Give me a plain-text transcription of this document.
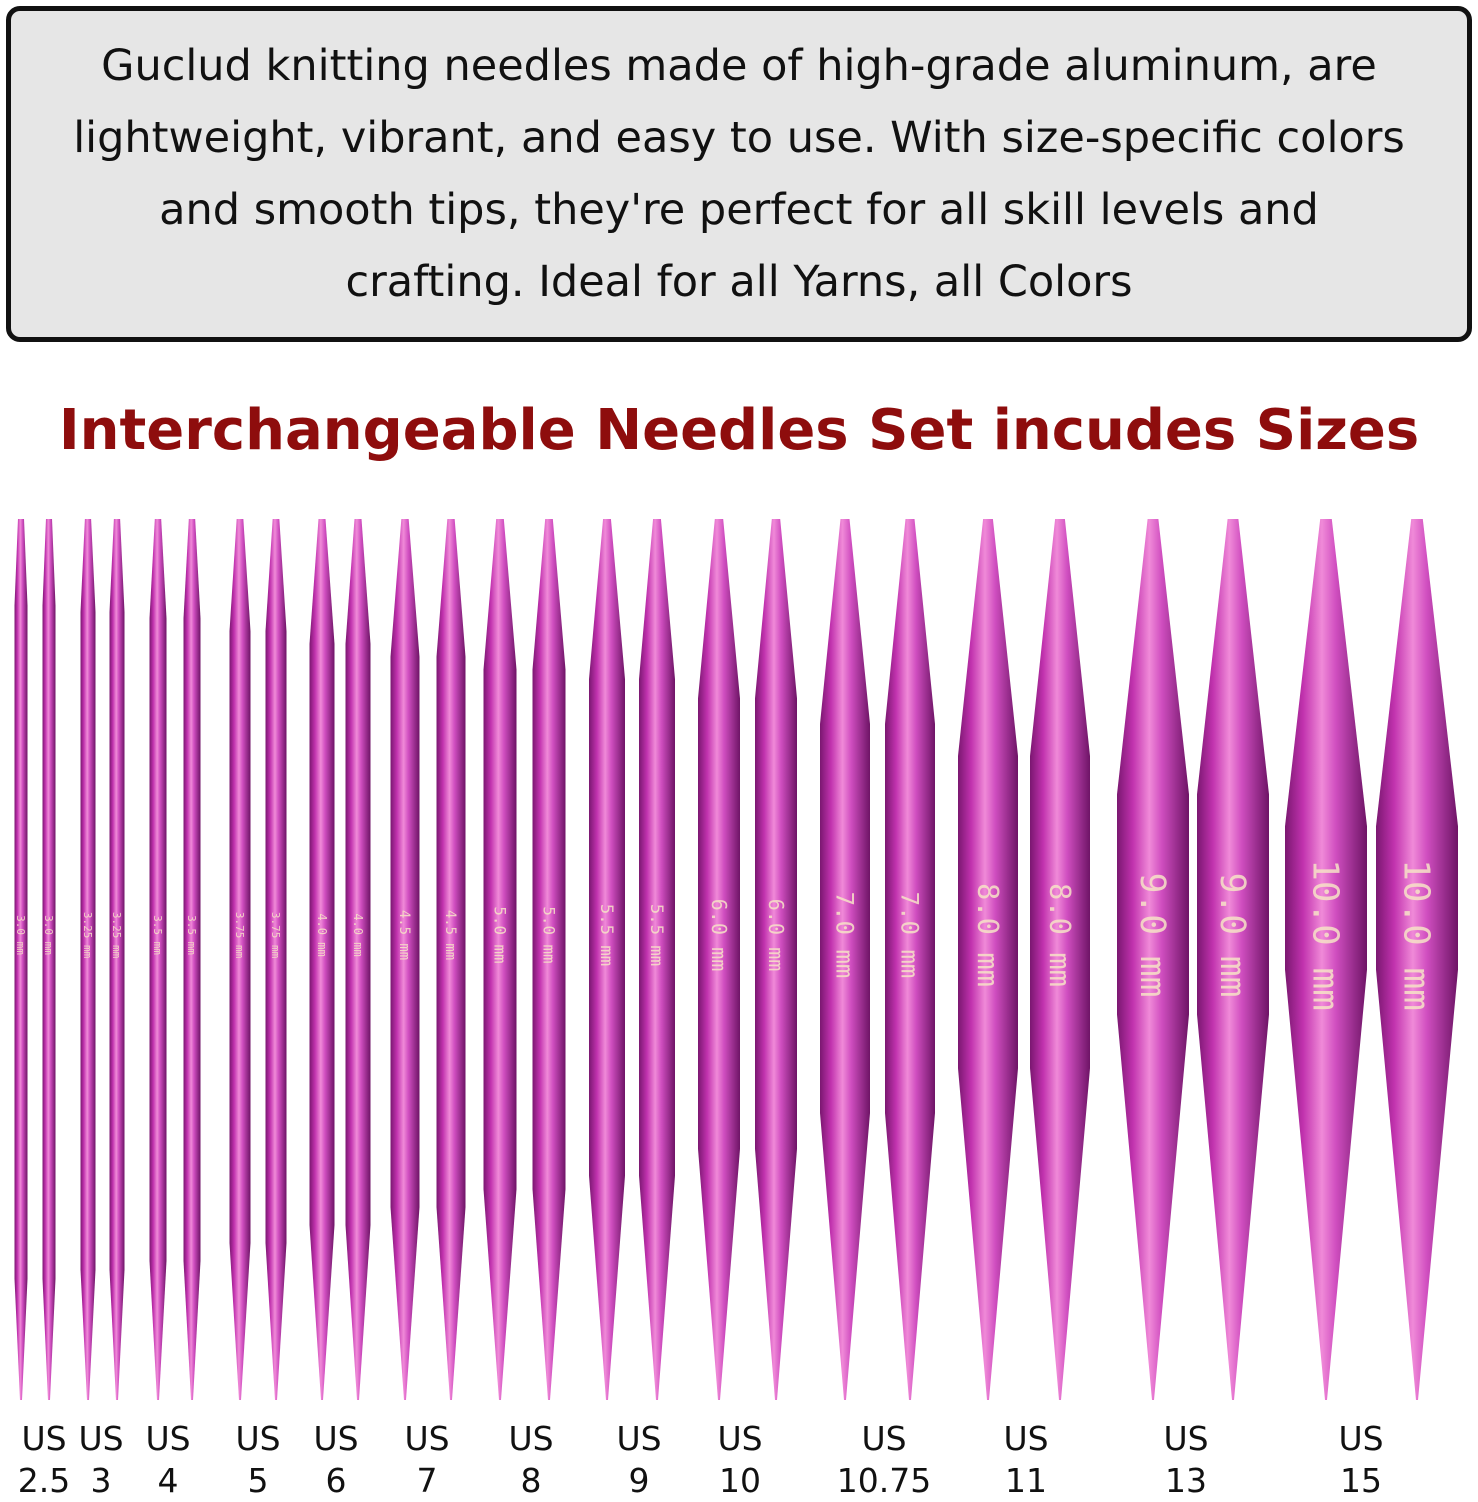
Guclud knitting needles made of high-grade aluminum, are lightweight, vibrant, and easy to use. With size-specific colors and smooth tips, they're perfect for all skill levels and crafting. Ideal for all Yarns, all Colors

Interchangeable Needles Set incudes Sizes
3.0 mm 3.0 mm 3.25 mm 3.25 mm	3.5 mm 3.5 mm	3.75 mm 3.75 mm	4.0 mm 4.0 mm 4.5 mm 4.5 mm 5.0 mm 5.0 mm 5.5 mm 5.5 mm 6.0 mm 6.0 mm 7.0 mm 7.0 mm 8.0 mm 8.0 mm 9.0 mm 9.0 mm 10.0 mm 10.0 mm
US
2.5
US
3
US
4
US
5
US
6
US
7
US
8
US
9
US
10
US
10.75
US
11
US
13
US
15
